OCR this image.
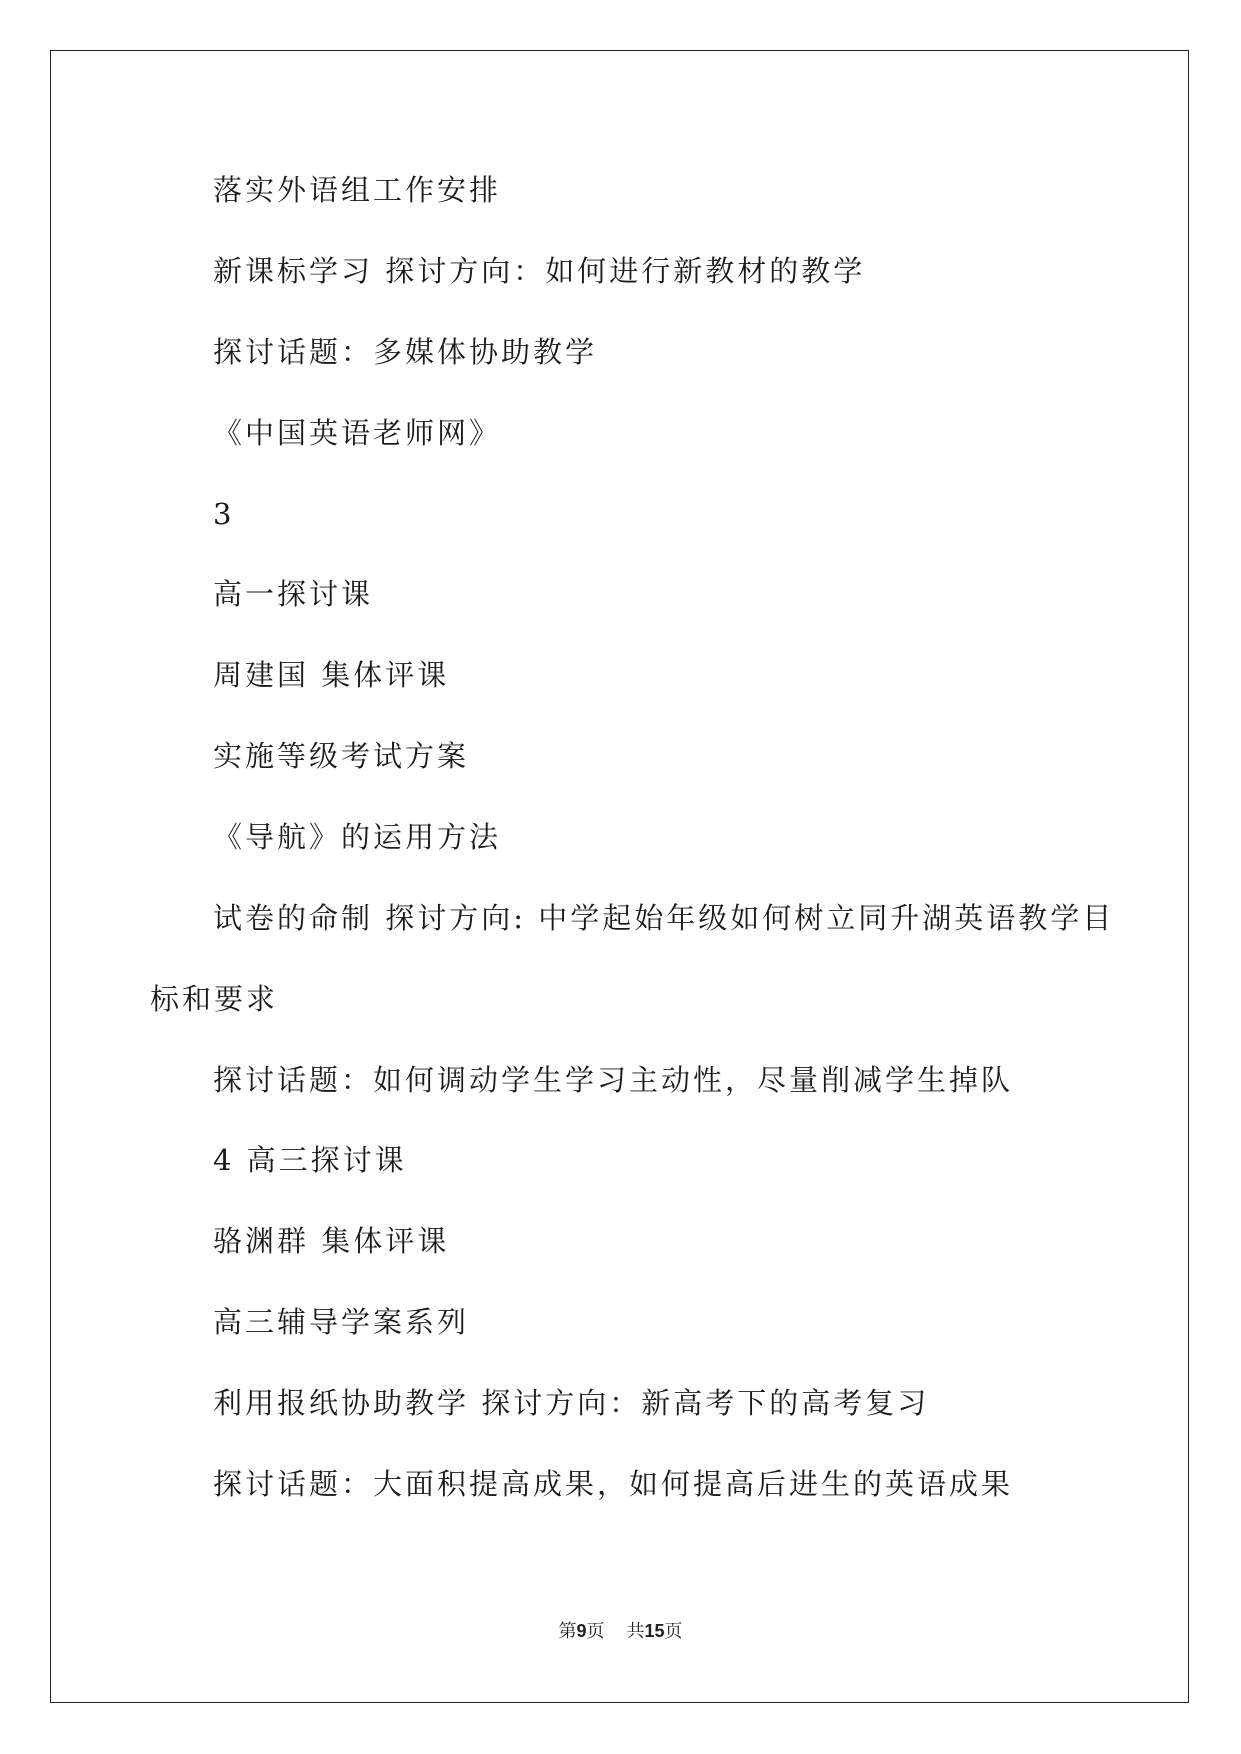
落实外语组工作安排
新课标学习 探讨方向：如何进行新教材的教学
探讨话题：多媒体协助教学
《中国英语老师网》
3
高一探讨课
周建国 集体评课
实施等级考试方案
《导航》的运用方法
试卷的命制 探讨方向: 中学起始年级如何树立同升湖英语教学目
标和要求
探讨话题：如何调动学生学习主动性，尽量削减学生掉队
4 高三探讨课
骆渊群 集体评课
高三辅导学案系列
利用报纸协助教学 探讨方向：新高考下的高考复习
探讨话题：大面积提高成果，如何提高后进生的英语成果
第9页 共15页
